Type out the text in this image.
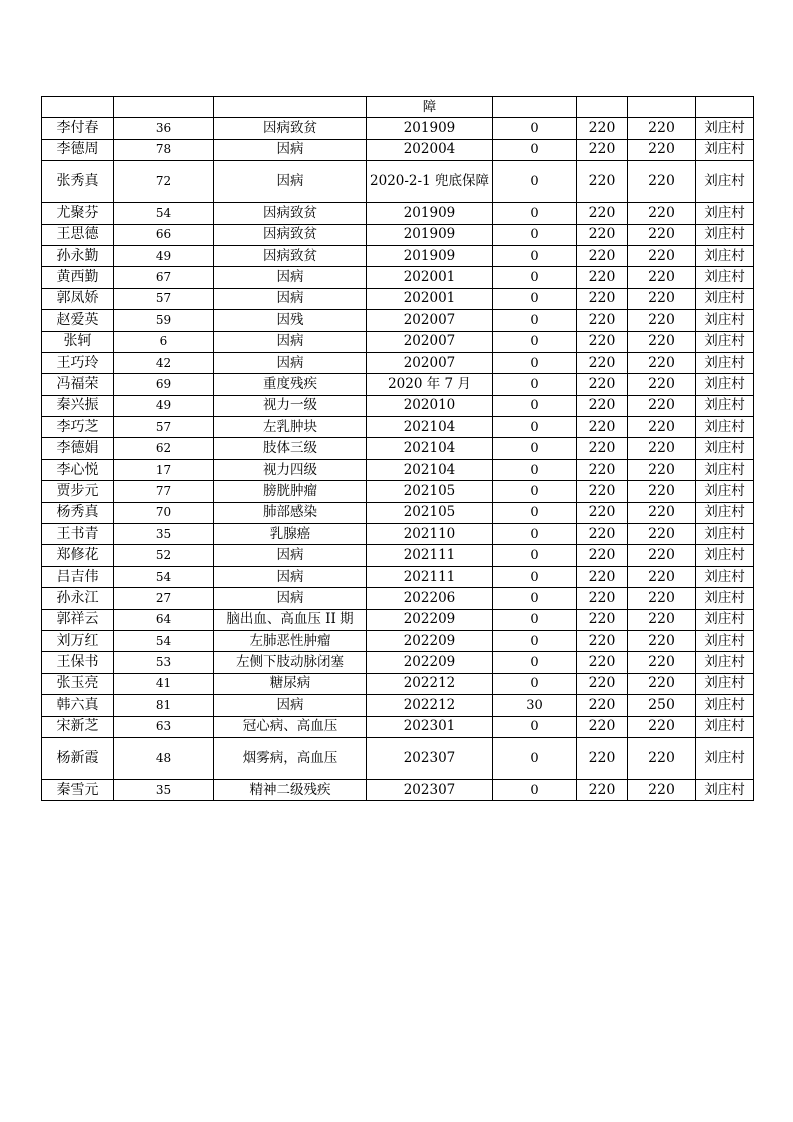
			障				
李付春	36	因病致贫	201909	0	220	220	刘庄村
李德周	78	因病	202004	0	220	220	刘庄村
张秀真	72	因病	2020-2-1 兜底保障	0	220	220	刘庄村
尤聚芬	54	因病致贫	201909	0	220	220	刘庄村
王思德	66	因病致贫	201909	0	220	220	刘庄村
孙永勤	49	因病致贫	201909	0	220	220	刘庄村
黄西勤	67	因病	202001	0	220	220	刘庄村
郭凤娇	57	因病	202001	0	220	220	刘庄村
赵爱英	59	因残	202007	0	220	220	刘庄村
张轲	6	因病	202007	0	220	220	刘庄村
王巧玲	42	因病	202007	0	220	220	刘庄村
冯福荣	69	重度残疾	2020 年 7 月	0	220	220	刘庄村
秦兴振	49	视力一级	202010	0	220	220	刘庄村
李巧芝	57	左乳肿块	202104	0	220	220	刘庄村
李德娟	62	肢体三级	202104	0	220	220	刘庄村
李心悦	17	视力四级	202104	0	220	220	刘庄村
贾步元	77	膀胱肿瘤	202105	0	220	220	刘庄村
杨秀真	70	肺部感染	202105	0	220	220	刘庄村
王书青	35	乳腺癌	202110	0	220	220	刘庄村
郑修花	52	因病	202111	0	220	220	刘庄村
吕吉伟	54	因病	202111	0	220	220	刘庄村
孙永江	27	因病	202206	0	220	220	刘庄村
郭祥云	64	脑出血、高血压 II 期	202209	0	220	220	刘庄村
刘万红	54	左肺恶性肿瘤	202209	0	220	220	刘庄村
王保书	53	左侧下肢动脉闭塞	202209	0	220	220	刘庄村
张玉亮	41	糖尿病	202212	0	220	220	刘庄村
韩六真	81	因病	202212	30	220	250	刘庄村
宋新芝	63	冠心病、高血压	202301	0	220	220	刘庄村
杨新霞	48	烟雾病，高血压	202307	0	220	220	刘庄村
秦雪元	35	精神二级残疾	202307	0	220	220	刘庄村
